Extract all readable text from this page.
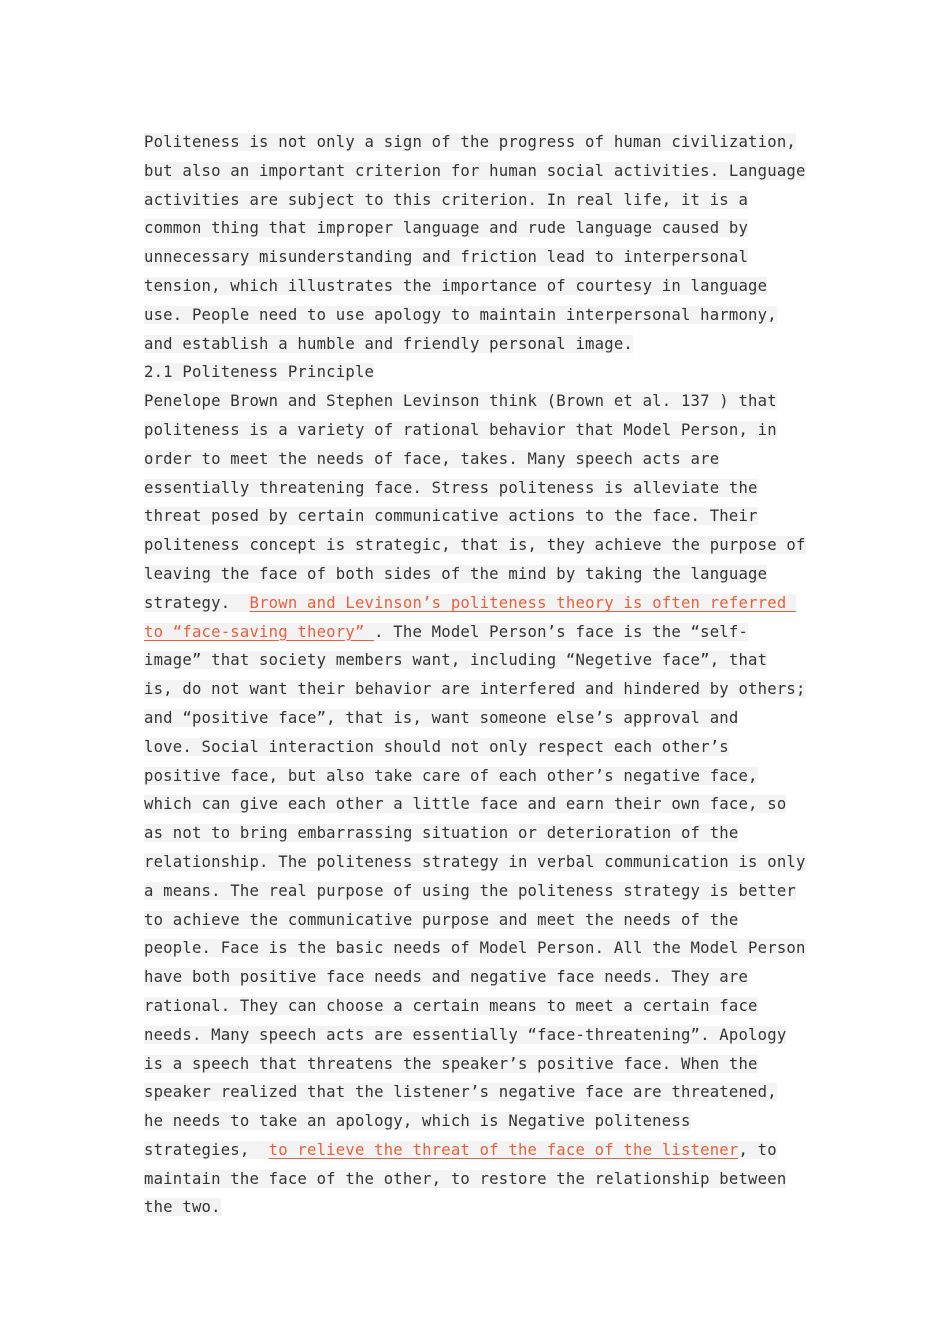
Politeness is not only a sign of the progress of human civilization,
but also an important criterion for human social activities. Language
activities are subject to this criterion. In real life, it is a
common thing that improper language and rude language caused by
unnecessary misunderstanding and friction lead to interpersonal
tension, which illustrates the importance of courtesy in language
use. People need to use apology to maintain interpersonal harmony,
and establish a humble and friendly personal image.
2.1 Politeness Principle
Penelope Brown and Stephen Levinson think (Brown et al. 137 ) that
politeness is a variety of rational behavior that Model Person, in
order to meet the needs of face, takes. Many speech acts are
essentially threatening face. Stress politeness is alleviate the
threat posed by certain communicative actions to the face. Their
politeness concept is strategic, that is, they achieve the purpose of
leaving the face of both sides of the mind by taking the language
strategy.  Brown and Levinson’s politeness theory is often referred
to “face-saving theory” . The Model Person’s face is the “self-
image” that society members want, including “Negetive face”, that
is, do not want their behavior are interfered and hindered by others;
and “positive face”, that is, want someone else’s approval and
love. Social interaction should not only respect each other’s
positive face, but also take care of each other’s negative face,
which can give each other a little face and earn their own face, so
as not to bring embarrassing situation or deterioration of the
relationship. The politeness strategy in verbal communication is only
a means. The real purpose of using the politeness strategy is better
to achieve the communicative purpose and meet the needs of the
people. Face is the basic needs of Model Person. All the Model Person
have both positive face needs and negative face needs. They are
rational. They can choose a certain means to meet a certain face
needs. Many speech acts are essentially “face-threatening”. Apology
is a speech that threatens the speaker’s positive face. When the
speaker realized that the listener’s negative face are threatened,
he needs to take an apology, which is Negative politeness
strategies,  to relieve the threat of the face of the listener, to
maintain the face of the other, to restore the relationship between
the two.
